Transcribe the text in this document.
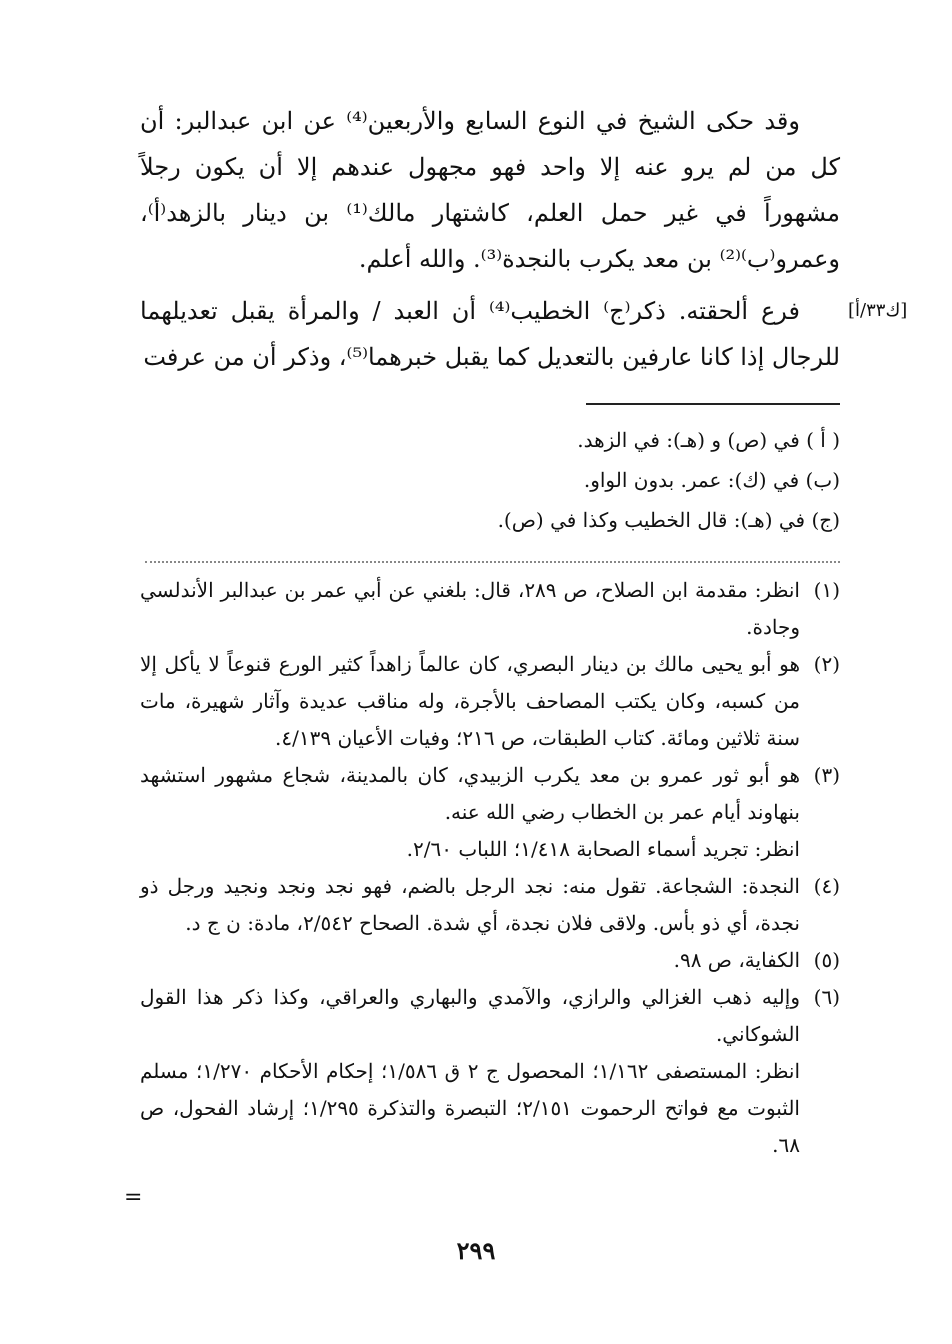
وقد حكى الشيخ في النوع السابع والأربعين⁽⁴⁾ عن ابن عبدالبر: أن كل من لم يرو عنه إلا واحد فهو مجهول عندهم إلا أن يكون رجلاً مشهوراً في غير حمل العلم، كاشتهار مالك⁽¹⁾ بن دينار بالزهد⁽أ⁾، وعمرو⁽ب⁾⁽²⁾ بن معد يكرب بالنجدة⁽³⁾. والله أعلم.

فرع ألحقته. ذكر⁽ج⁾ الخطيب⁽⁴⁾ أن العبد / والمرأة يقبل تعديلهما للرجال إذا كانا عارفين بالتعديل كما يقبل خبرهما⁽⁵⁾، وذكر أن من عرفت
[ك٣٣/أ]

( أ ) في (ص) و (هـ): في الزهد.
(ب) في (ك): عمر. بدون الواو.
(ج) في (هـ): قال الخطيب وكذا في (ص).
(١)

انظر: مقدمة ابن الصلاح، ص ٢٨٩، قال: بلغني عن أبي عمر بن عبدالبر الأندلسي وجادة.

(٢)

هو أبو يحيى مالك بن دينار البصري، كان عالماً زاهداً كثير الورع قنوعاً لا يأكل إلا من كسبه، وكان يكتب المصاحف بالأجرة، وله مناقب عديدة وآثار شهيرة، مات سنة ثلاثين ومائة. كتاب الطبقات، ص ٢١٦؛ وفيات الأعيان ٤/١٣٩.

(٣)

هو أبو ثور عمرو بن معد يكرب الزبيدي، كان بالمدينة، شجاع مشهور استشهد بنهاوند أيام عمر بن الخطاب رضي الله عنه.

انظر: تجريد أسماء الصحابة ١/٤١٨؛ اللباب ٢/٦٠.

(٤)

النجدة: الشجاعة. تقول منه: نجد الرجل بالضم، فهو نجد ونجد ونجيد ورجل ذو نجدة، أي ذو بأس. ولاقى فلان نجدة، أي شدة. الصحاح ٢/٥٤٢، مادة: ن ج د.

(٥)

الكفاية، ص ٩٨.

(٦)

وإليه ذهب الغزالي والرازي، والآمدي والبهاري والعراقي، وكذا ذكر هذا القول الشوكاني.

انظر: المستصفى ١/١٦٢؛ المحصول ج ٢ ق ١/٥٨٦؛ إحكام الأحكام ١/٢٧٠؛ مسلم الثبوت مع فواتح الرحموت ٢/١٥١؛ التبصرة والتذكرة ١/٢٩٥؛ إرشاد الفحول، ص ٦٨.

=
٢٩٩
